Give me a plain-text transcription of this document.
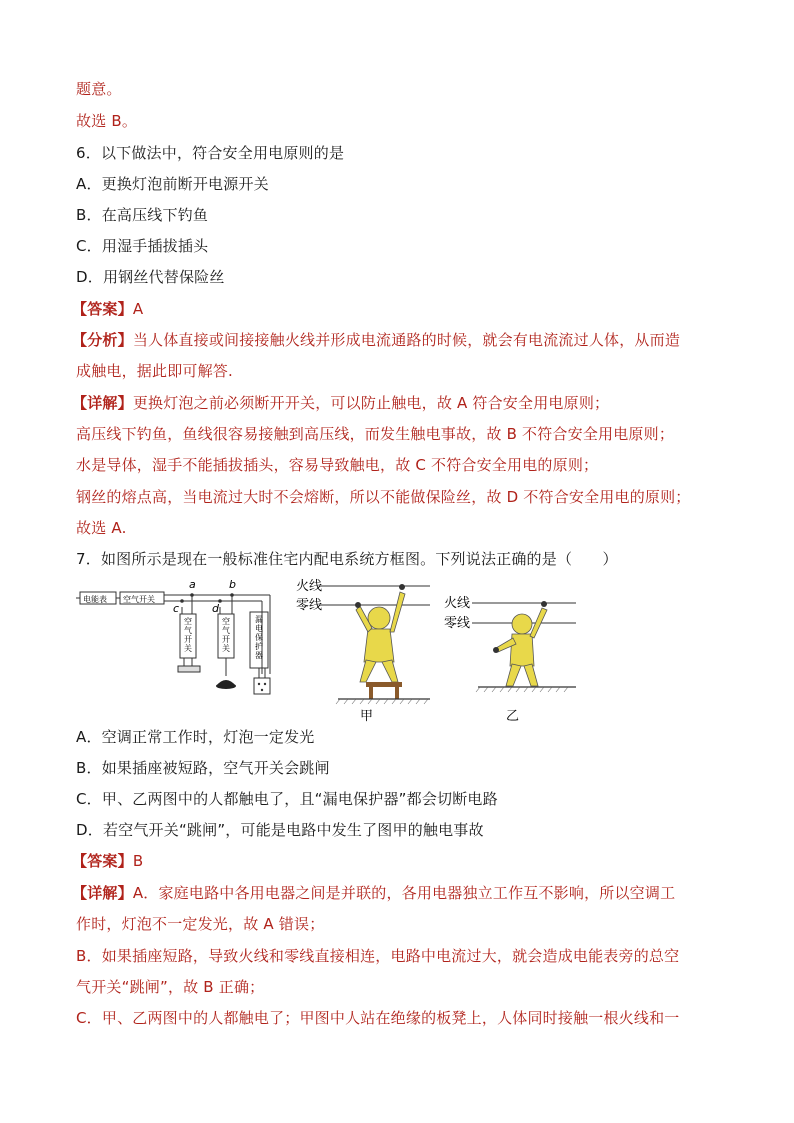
题意。
故选 B。
6．以下做法中，符合安全用电原则的是
A．更换灯泡前断开电源开关
B．在高压线下钓鱼
C．用湿手插拔插头
D．用钢丝代替保险丝
【答案】A
【分析】当人体直接或间接接触火线并形成电流通路的时候，就会有电流流过人体，从而造
成触电，据此即可解答.
【详解】更换灯泡之前必须断开开关，可以防止触电，故 A 符合安全用电原则；
高压线下钓鱼，鱼线很容易接触到高压线，而发生触电事故，故 B 不符合安全用电原则；
水是导体，湿手不能插拔插头，容易导致触电，故 C 不符合安全用电的原则；
钢丝的熔点高，当电流过大时不会熔断，所以不能做保险丝，故 D 不符合安全用电的原则；
故选 A.
7．如图所示是现在一般标准住宅内配电系统方框图。下列说法正确的是（　　）
电能表 空气开关
a	b
c	d
空
气
开
关
空
气
开
关
漏
电
保
护
器
火线
零线
甲
火线
零线
乙
A．空调正常工作时，灯泡一定发光
B．如果插座被短路，空气开关会跳闸
C．甲、乙两图中的人都触电了，且“漏电保护器”都会切断电路
D．若空气开关“跳闸”，可能是电路中发生了图甲的触电事故
【答案】B
【详解】A．家庭电路中各用电器之间是并联的，各用电器独立工作互不影响，所以空调工
作时，灯泡不一定发光，故 A 错误；
B．如果插座短路，导致火线和零线直接相连，电路中电流过大，就会造成电能表旁的总空
气开关“跳闸”，故 B 正确；
C．甲、乙两图中的人都触电了；甲图中人站在绝缘的板凳上，人体同时接触一根火线和一
